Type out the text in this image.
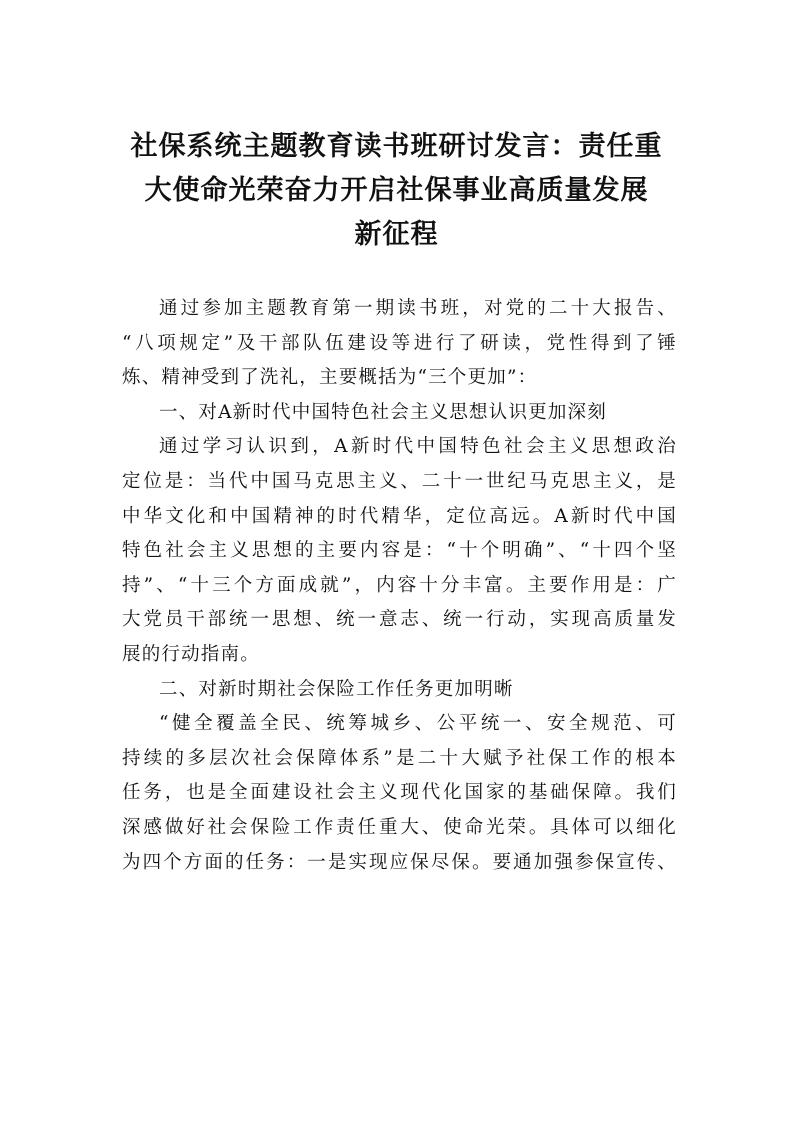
社保系统主题教育读书班研讨发言：责任重
大使命光荣奋力开启社保事业高质量发展
新征程
通过参加主题教育第一期读书班，对党的二十大报告、
“八项规定”及干部队伍建设等进行了研读，党性得到了锤
炼、精神受到了洗礼，主要概括为“三个更加”：
一、对A新时代中国特色社会主义思想认识更加深刻
通过学习认识到，A新时代中国特色社会主义思想政治
定位是：当代中国马克思主义、二十一世纪马克思主义，是
中华文化和中国精神的时代精华，定位高远。A新时代中国
特色社会主义思想的主要内容是：“十个明确”、“十四个坚
持”、“十三个方面成就”，内容十分丰富。主要作用是：广
大党员干部统一思想、统一意志、统一行动，实现高质量发
展的行动指南。
二、对新时期社会保险工作任务更加明晰
“健全覆盖全民、统筹城乡、公平统一、安全规范、可
持续的多层次社会保障体系”是二十大赋予社保工作的根本
任务，也是全面建设社会主义现代化国家的基础保障。我们
深感做好社会保险工作责任重大、使命光荣。具体可以细化
为四个方面的任务：一是实现应保尽保。要通加强参保宣传、
